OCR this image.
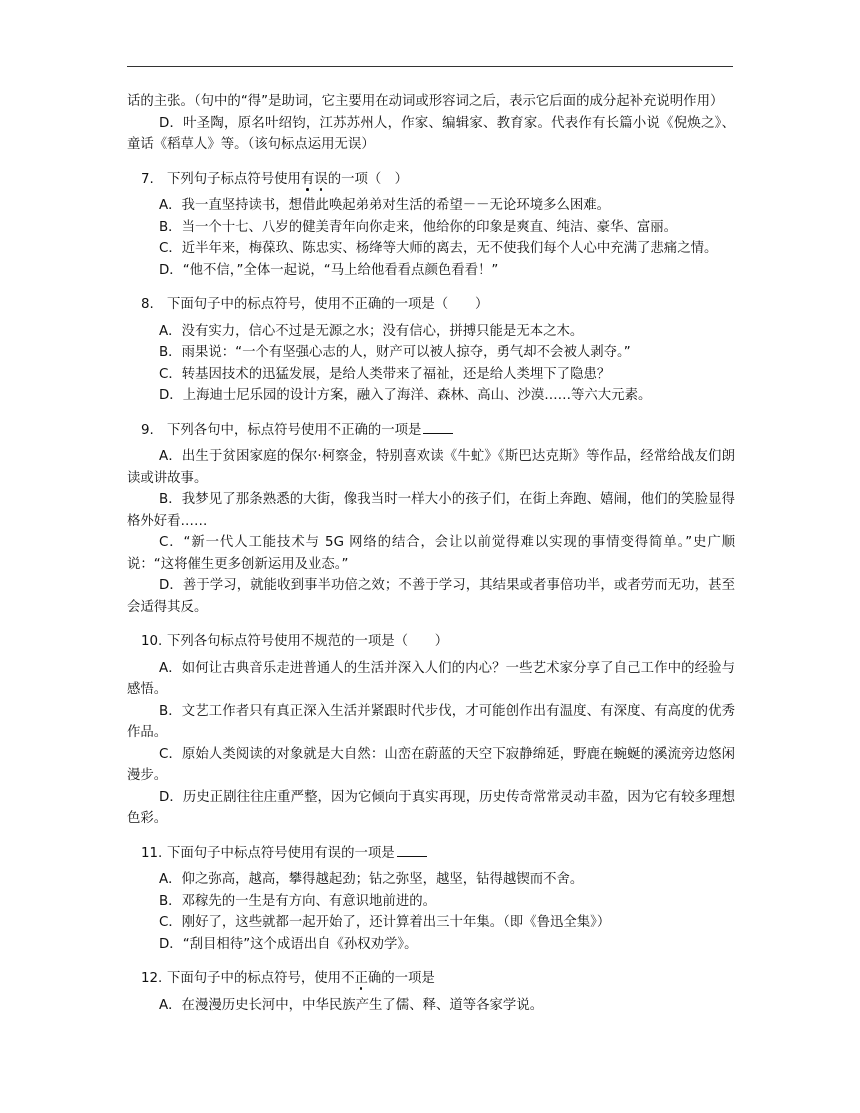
话的主张。（句中的“得”是助词，它主要用在动词或形容词之后，表示它后面的成分起补充说明作用）

D．叶圣陶，原名叶绍钧，江苏苏州人，作家、编辑家、教育家。代表作有长篇小说《倪焕之》、童话《稻草人》等。（该句标点运用无误）

7. 下列句子标点符号使用有误的一项（　）

A．我一直坚持读书，想借此唤起弟弟对生活的希望－－无论环境多么困难。

B．当一个十七、八岁的健美青年向你走来，他给你的印象是爽直、纯洁、豪华、富丽。

C．近半年来，梅葆玖、陈忠实、杨绛等大师的离去，无不使我们每个人心中充满了悲痛之情。

D．“他不信，”全体一起说，“马上给他看看点颜色看看！”

8. 下面句子中的标点符号，使用不正确的一项是（　　）

A．没有实力，信心不过是无源之水；没有信心，拼搏只能是无本之木。

B．雨果说：“一个有坚强心志的人，财产可以被人掠夺，勇气却不会被人剥夺。”

C．转基因技术的迅猛发展，是给人类带来了福祉，还是给人类埋下了隐患？

D．上海迪士尼乐园的设计方案，融入了海洋、森林、高山、沙漠……等六大元素。

9. 下列各句中，标点符号使用不正确的一项是

A．出生于贫困家庭的保尔·柯察金，特别喜欢读《牛虻》《斯巴达克斯》等作品，经常给战友们朗读或讲故事。

B．我梦见了那条熟悉的大街，像我当时一样大小的孩子们，在街上奔跑、嬉闹，他们的笑脸显得格外好看……

C．“新一代人工能技术与 5G 网络的结合，会让以前觉得难以实现的事情变得简单。”史广顺说：“这将催生更多创新运用及业态。”

D．善于学习，就能收到事半功倍之效；不善于学习，其结果或者事倍功半，或者劳而无功，甚至会适得其反。

10. 下列各句标点符号使用不规范的一项是（　　）

A．如何让古典音乐走进普通人的生活并深入人们的内心？一些艺术家分享了自己工作中的经验与感悟。

B．文艺工作者只有真正深入生活并紧跟时代步伐，才可能创作出有温度、有深度、有高度的优秀作品。

C．原始人类阅读的对象就是大自然：山峦在蔚蓝的天空下寂静绵延，野鹿在蜿蜒的溪流旁边悠闲漫步。

D．历史正剧往往庄重严整，因为它倾向于真实再现，历史传奇常常灵动丰盈，因为它有较多理想色彩。

11. 下面句子中标点符号使用有误的一项是

A．仰之弥高，越高，攀得越起劲；钻之弥坚，越坚，钻得越锲而不舍。

B．邓稼先的一生是有方向、有意识地前进的。

C．刚好了，这些就都一起开始了，还计算着出三十年集。（即《鲁迅全集》）

D．“刮目相待”这个成语出自《孙权劝学》。

12. 下面句子中的标点符号，使用不正确的一项是

A．在漫漫历史长河中，中华民族产生了儒、释、道等各家学说。
